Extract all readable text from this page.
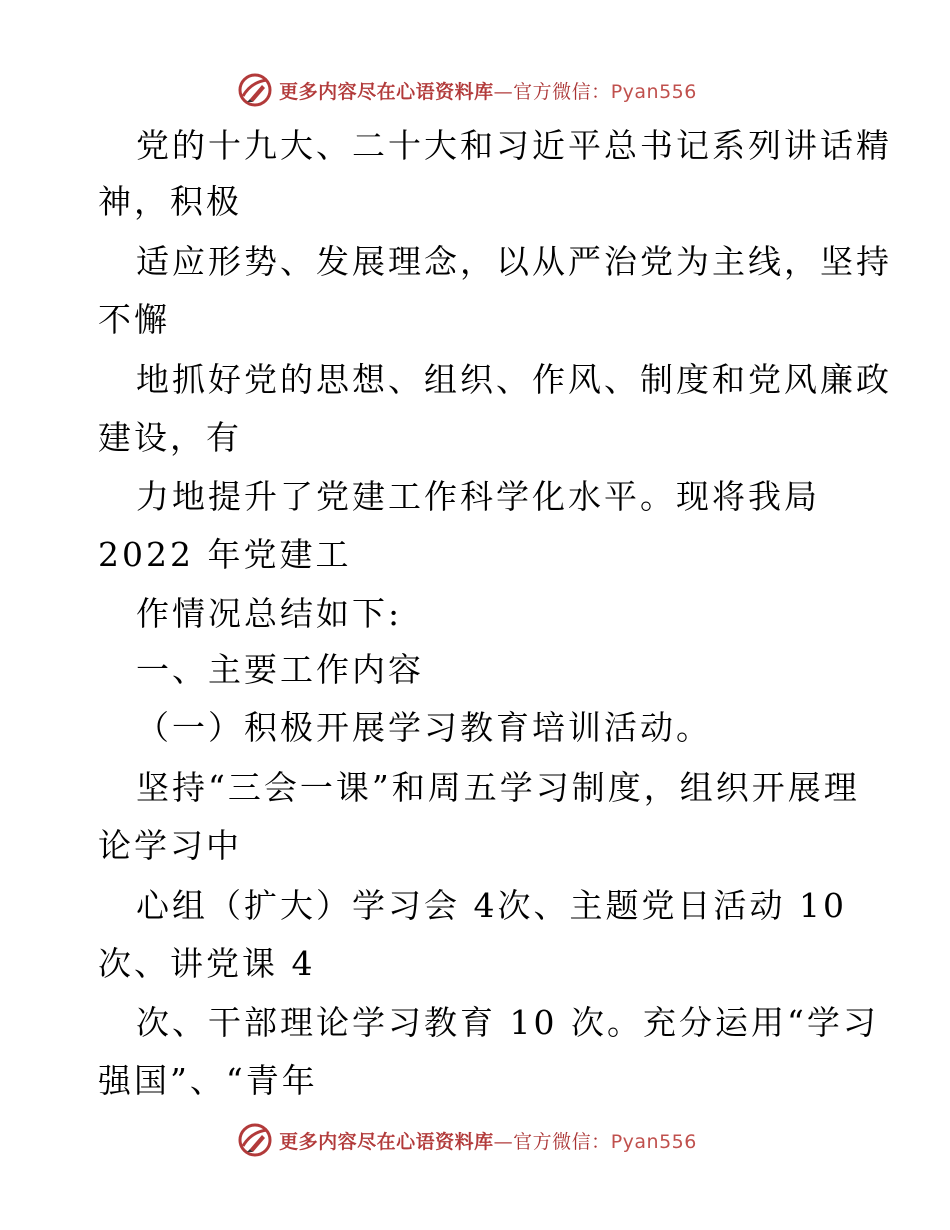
更多内容尽在心语资料库—官方微信：Pyan556
党的十九大、二十大和习近平总书记系列讲话精
神，积极
适应形势、发展理念，以从严治党为主线，坚持
不懈
地抓好党的思想、组织、作风、制度和党风廉政
建设，有
力地提升了党建工作科学化水平。现将我局
2022 年党建工
作情况总结如下:
一、主要工作内容
（一）积极开展学习教育培训活动。
坚持“三会一课”和周五学习制度，组织开展理
论学习中
心组（扩大）学习会 4次、主题党日活动 10
次、讲党课 4
次、干部理论学习教育 10 次。充分运用“学习
强国”、“青年
更多内容尽在心语资料库—官方微信：Pyan556
